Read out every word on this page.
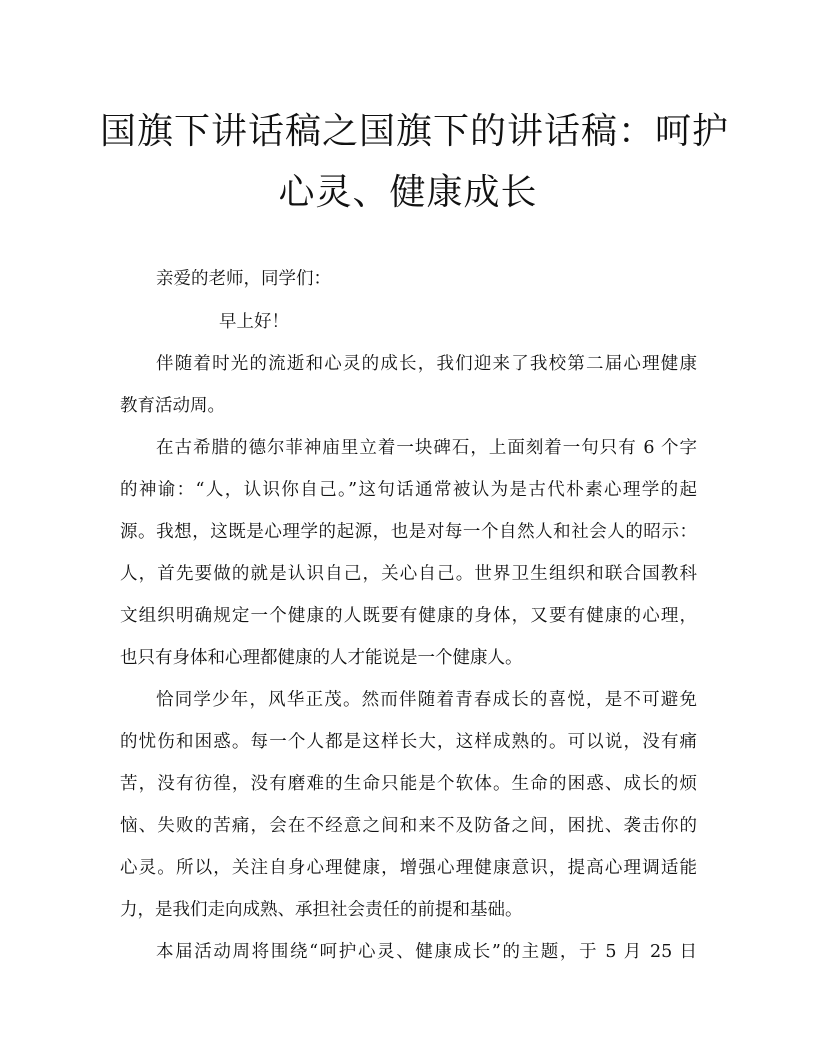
国旗下讲话稿之国旗下的讲话稿：呵护
心灵、健康成长
亲爱的老师，同学们：
早上好！
伴随着时光的流逝和心灵的成长，我们迎来了我校第二届心理健康
教育活动周。
在古希腊的德尔菲神庙里立着一块碑石，上面刻着一句只有 6 个字
的神谕：“人，认识你自己。”这句话通常被认为是古代朴素心理学的起
源。我想，这既是心理学的起源，也是对每一个自然人和社会人的昭示：
人，首先要做的就是认识自己，关心自己。世界卫生组织和联合国教科
文组织明确规定一个健康的人既要有健康的身体，又要有健康的心理，
也只有身体和心理都健康的人才能说是一个健康人。
恰同学少年，风华正茂。然而伴随着青春成长的喜悦，是不可避免
的忧伤和困惑。每一个人都是这样长大，这样成熟的。可以说，没有痛
苦，没有彷徨，没有磨难的生命只能是个软体。生命的困惑、成长的烦
恼、失败的苦痛，会在不经意之间和来不及防备之间，困扰、袭击你的
心灵。所以，关注自身心理健康，增强心理健康意识，提高心理调适能
力，是我们走向成熟、承担社会责任的前提和基础。
本届活动周将围绕“呵护心灵、健康成长”的主题，于 5 月 25 日
